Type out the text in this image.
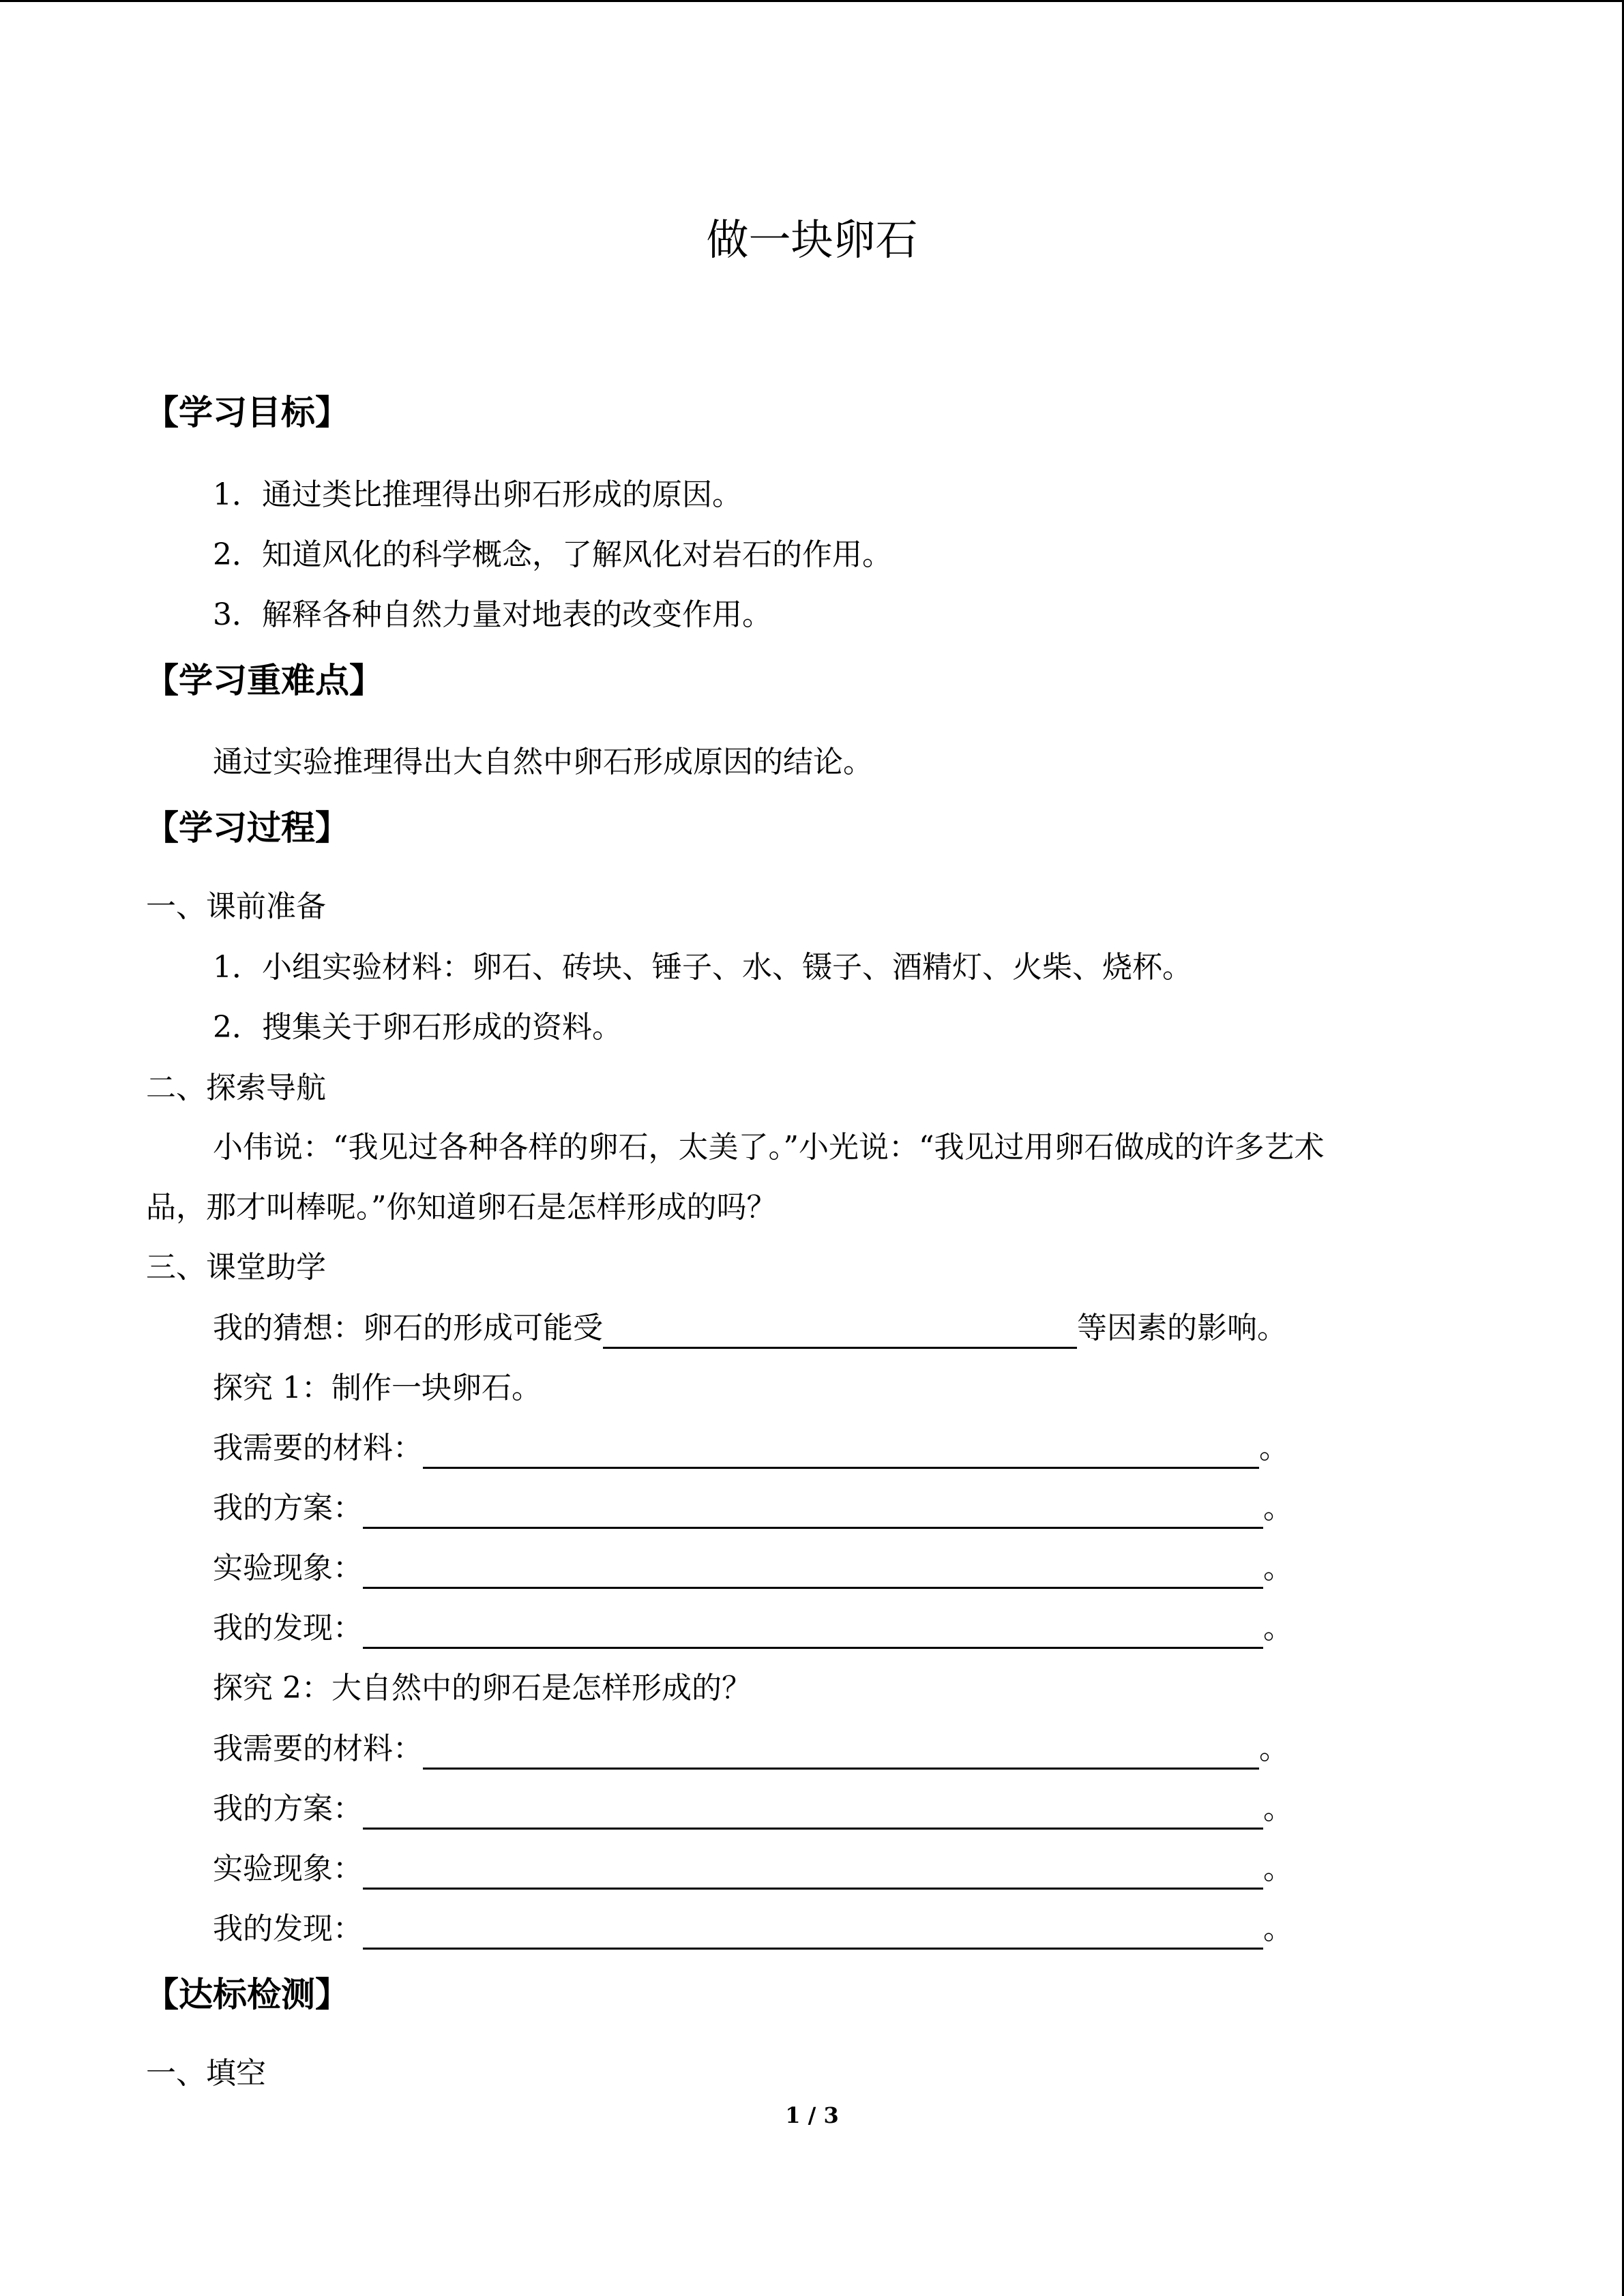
做一块卵石
【学习目标】
1．通过类比推理得出卵石形成的原因。
2．知道风化的科学概念，了解风化对岩石的作用。
3．解释各种自然力量对地表的改变作用。
【学习重难点】
通过实验推理得出大自然中卵石形成原因的结论。
【学习过程】
一、课前准备
1．小组实验材料：卵石、砖块、锤子、水、镊子、酒精灯、火柴、烧杯。
2．搜集关于卵石形成的资料。
二、探索导航
小伟说：“我见过各种各样的卵石，太美了。”小光说：“我见过用卵石做成的许多艺术
品，那才叫棒呢。”你知道卵石是怎样形成的吗？
三、课堂助学
我的猜想：卵石的形成可能受	等因素的影响。
探究 1：制作一块卵石。
我需要的材料：	。
我的方案：	。
实验现象：	。
我的发现：	。
探究 2：大自然中的卵石是怎样形成的？
我需要的材料：	。
我的方案：	。
实验现象：	。
我的发现：	。
【达标检测】
一、填空
1 / 3
